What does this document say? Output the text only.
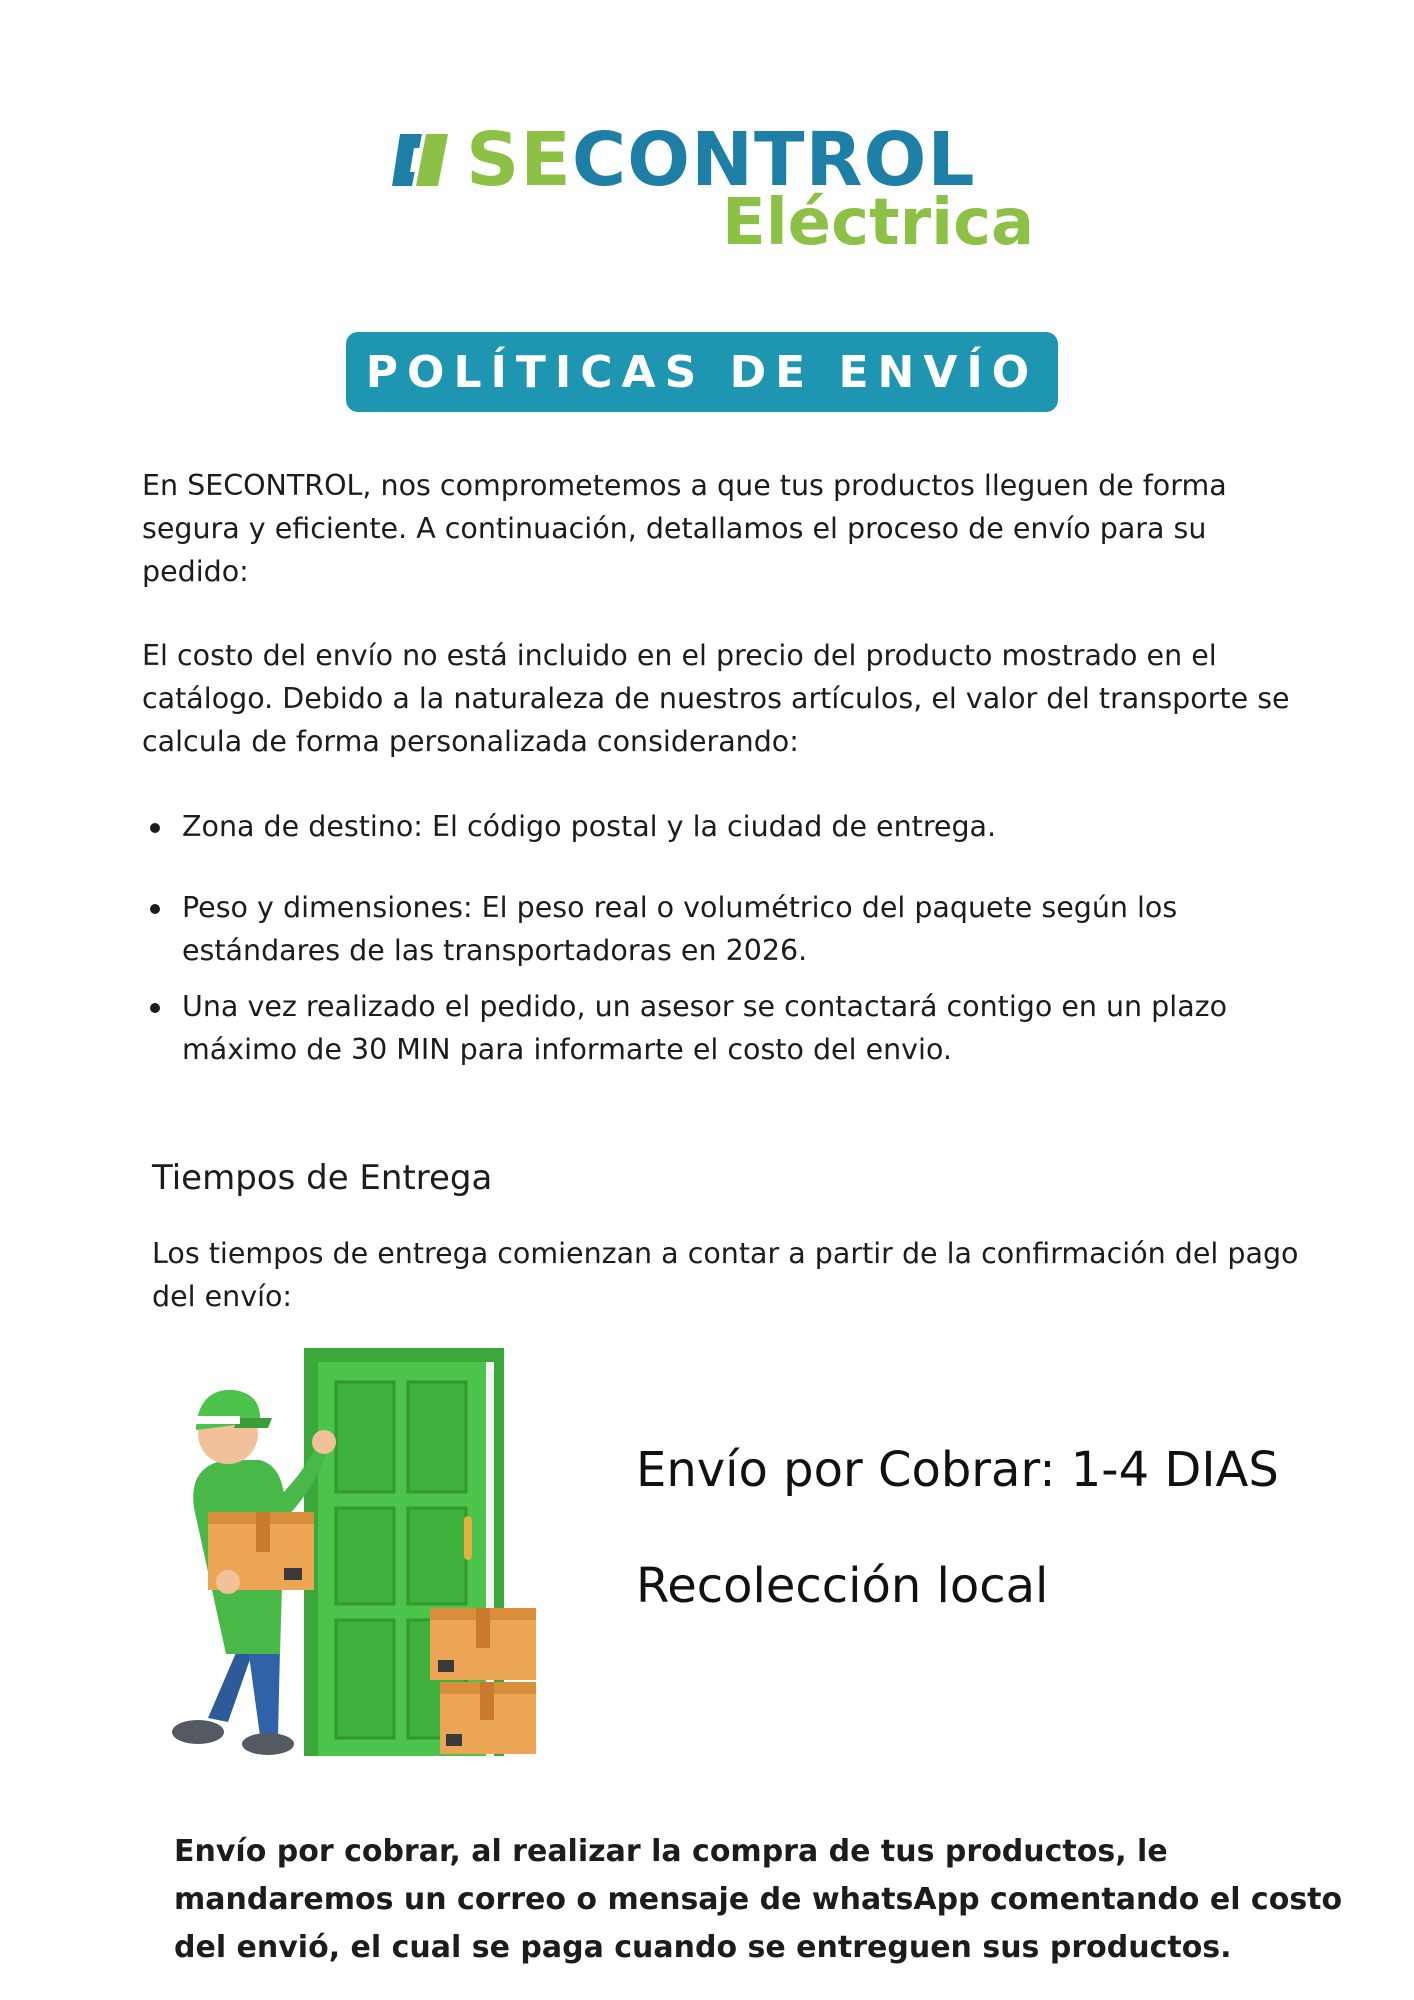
SECONTROL
Eléctrica
POLÍTICAS DE ENVÍO
En SECONTROL, nos comprometemos a que tus productos lleguen de forma segura y eficiente. A continuación, detallamos el proceso de envío para su pedido:
El costo del envío no está incluido en el precio del producto mostrado en el catálogo. Debido a la naturaleza de nuestros artículos, el valor del transporte se calcula de forma personalizada considerando:
Zona de destino: El código postal y la ciudad de entrega.
Peso y dimensiones: El peso real o volumétrico del paquete según los estándares de las transportadoras en 2026.
Una vez realizado el pedido, un asesor se contactará contigo en un plazo máximo de 30 MIN para informarte el costo del envio.
Tiempos de Entrega
Los tiempos de entrega comienzan a contar a partir de la confirmación del pago del envío:
Envío por Cobrar: 1-4 DIAS
Recolección local
Envío por cobrar, al realizar la compra de tus productos, le mandaremos un correo o mensaje de whatsApp comentando el costo del envió, el cual se paga cuando se entreguen sus productos.
